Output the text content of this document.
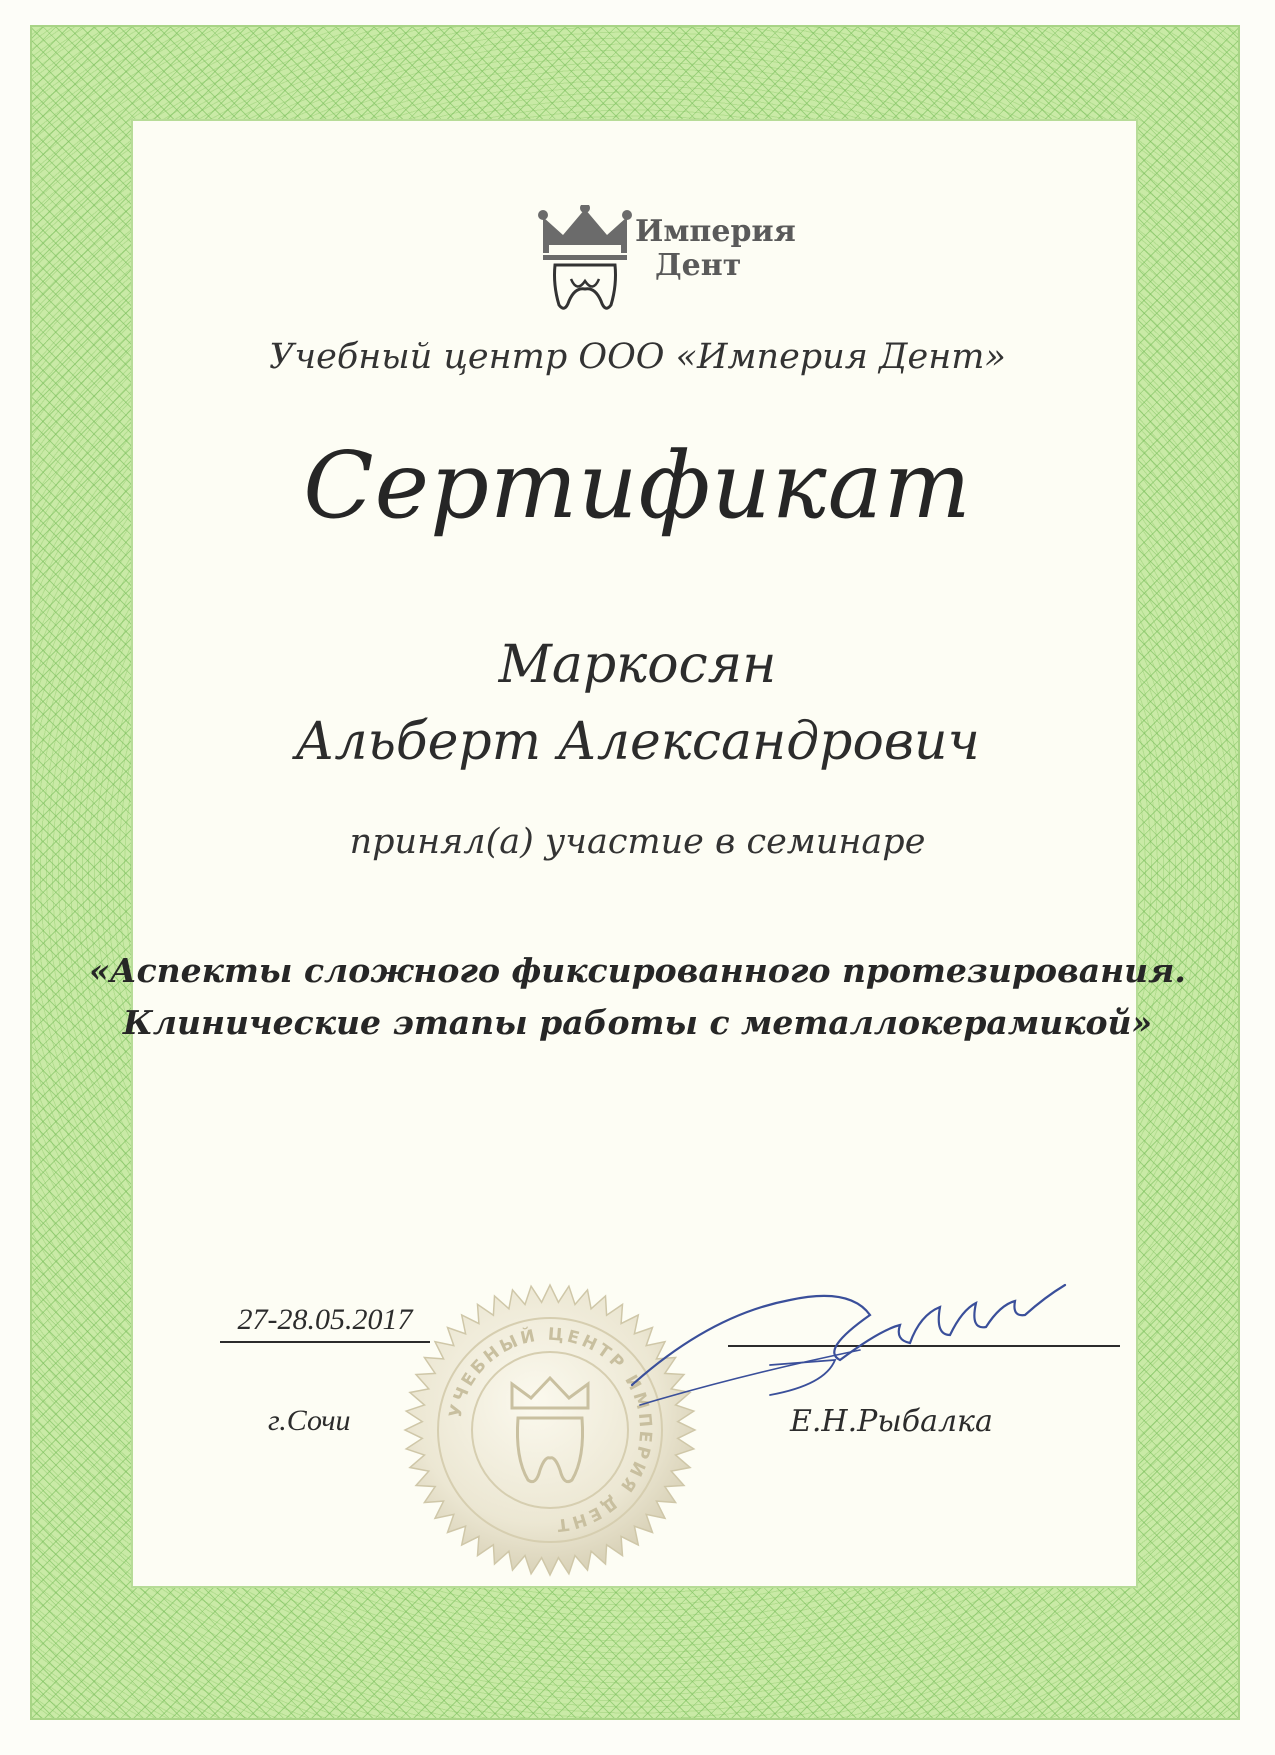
Империя
Дент
Учебный центр ООО «Империя Дент»
Сертификат
Маркосян
Альберт Александрович
принял(а) участие в семинаре
«Аспекты сложного фиксированного протезирования.
Клинические этапы работы с металлокерамикой»
27-28.05.2017
г.Сочи	УЧЕБНЫЙ ЦЕНТР ИМПЕРИЯ ДЕНТ
Е.Н.Рыбалка
